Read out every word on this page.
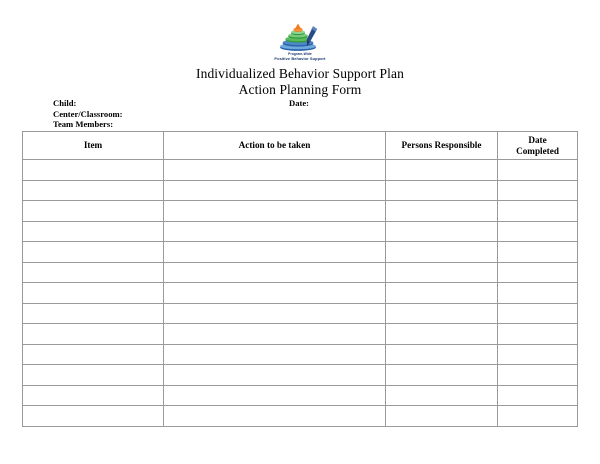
Program-Wide
Positive Behavior Support
Individualized Behavior Support Plan
Action Planning Form
Child:
Center/Classroom:
Team Members:
Date:
Item	Action to be taken	Persons Responsible	Date
Completed
